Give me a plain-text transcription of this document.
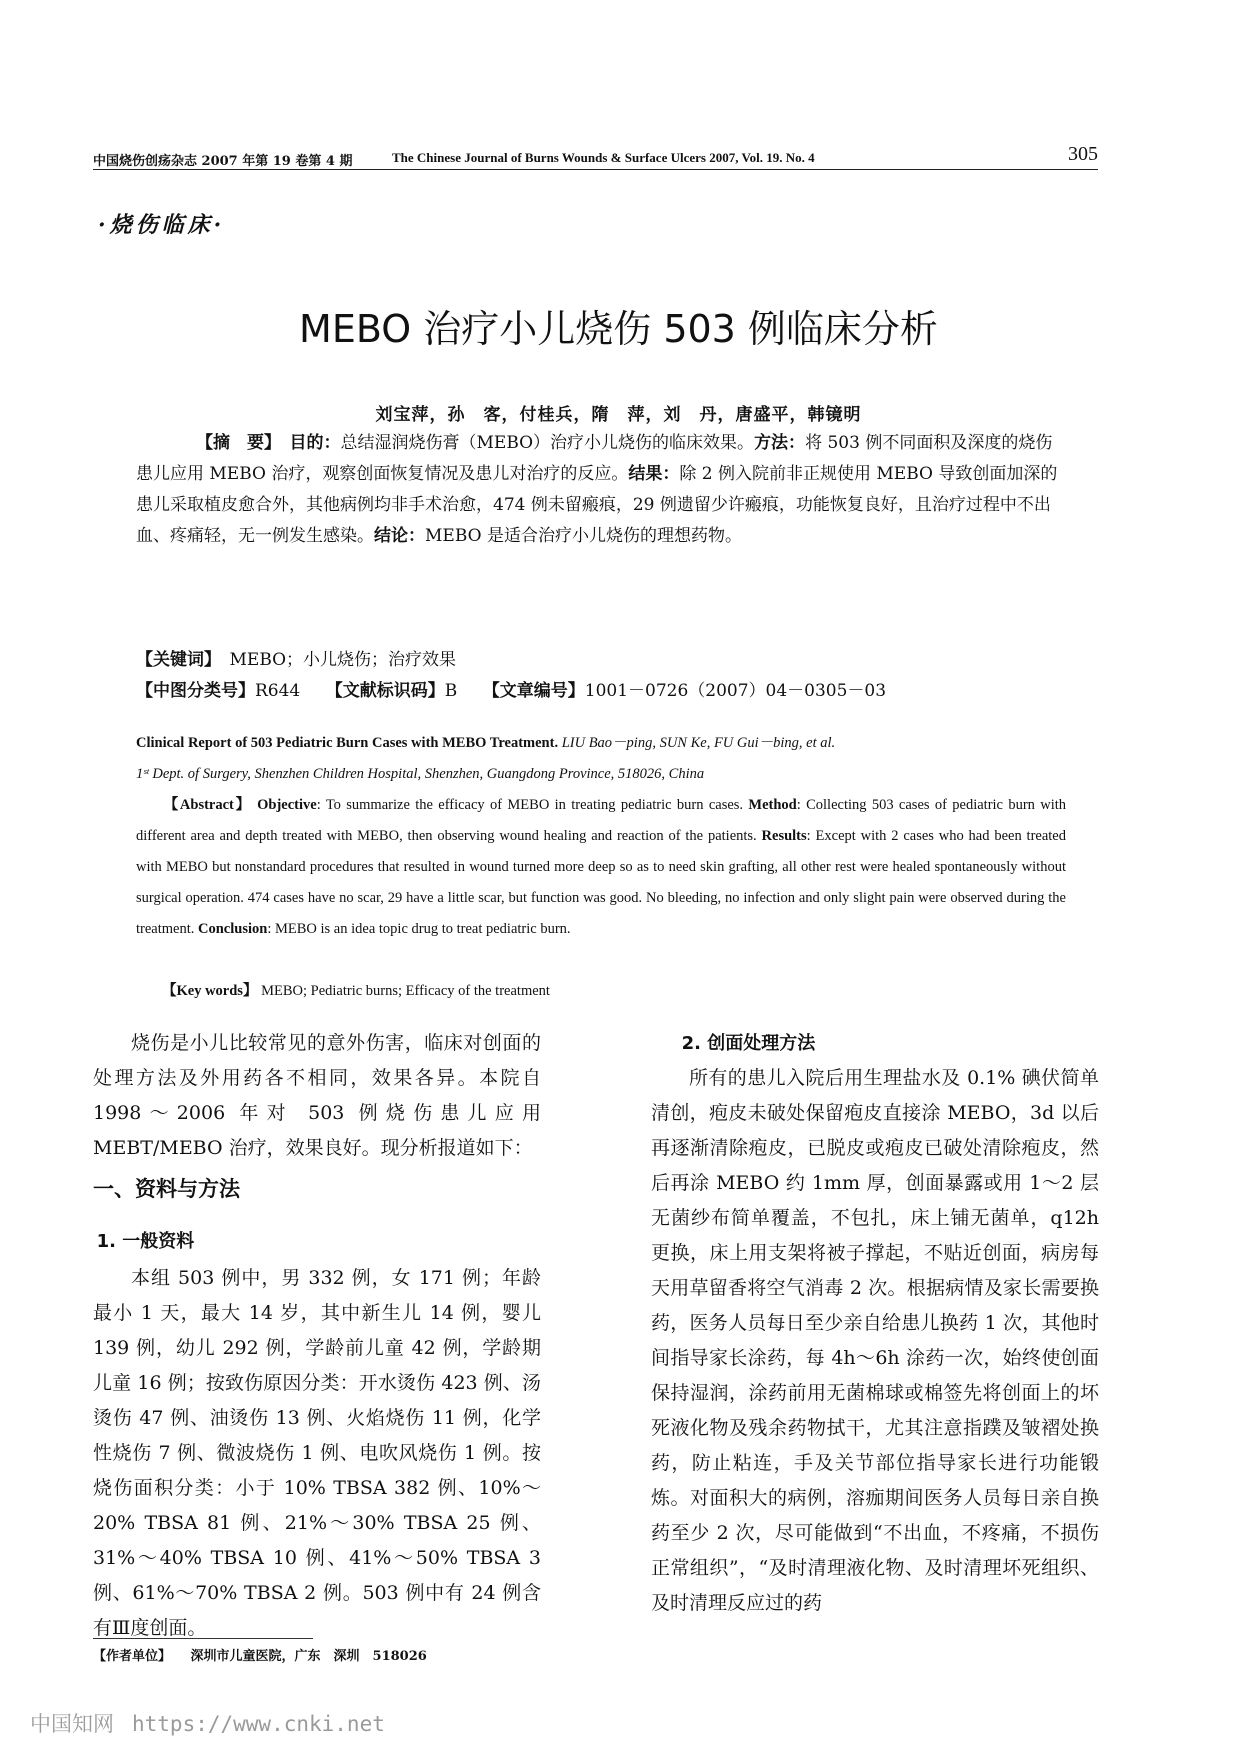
中国烧伤创疡杂志 2007 年第 19 卷第 4 期	The Chinese Journal of Burns Wounds & Surface Ulcers 2007, Vol. 19. No. 4	305
·烧伤临床·
MEBO 治疗小儿烧伤 503 例临床分析
刘宝萍，孙　客，付桂兵，隋　萍，刘　丹，唐盛平，韩镜明
【摘　要】　 目的：总结湿润烧伤膏（MEBO）治疗小儿烧伤的临床效果。方法：将 503 例不同面积及深度的烧伤患儿应用 MEBO 治疗，观察创面恢复情况及患儿对治疗的反应。结果：除 2 例入院前非正规使用 MEBO 导致创面加深的患儿采取植皮愈合外，其他病例均非手术治愈，474 例未留瘢痕，29 例遗留少许瘢痕，功能恢复良好，且治疗过程中不出血、疼痛轻，无一例发生感染。结论：MEBO 是适合治疗小儿烧伤的理想药物。
【关键词】　 MEBO；小儿烧伤；治疗效果
【中图分类号】R644　　 【文献标识码】B　　 【文章编号】1001－0726（2007）04－0305－03
Clinical Report of 503 Pediatric Burn Cases with MEBO Treatment. LIU Bao－ping, SUN Ke, FU Gui－bing, et al.
1ˢᵗ Dept. of Surgery, Shenzhen Children Hospital, Shenzhen, Guangdong Province, 518026, China
【Abstract】 Objective: To summarize the efficacy of MEBO in treating pediatric burn cases. Method: Collecting 503 cases of pediatric burn with different area and depth treated with MEBO, then observing wound healing and reaction of the patients. Results: Except with 2 cases who had been treated with MEBO but nonstandard procedures that resulted in wound turned more deep so as to need skin grafting, all other rest were healed spontaneously without surgical operation. 474 cases have no scar, 29 have a little scar, but function was good. No bleeding, no infection and only slight pain were observed during the treatment. Conclusion: MEBO is an idea topic drug to treat pediatric burn.
【Key words】 MEBO; Pediatric burns; Efficacy of the treatment

烧伤是小儿比较常见的意外伤害，临床对创面的处理方法及外用药各不相同，效果各异。本院自 1998～2006 年对 503 例烧伤患儿应用 MEBT/MEBO 治疗，效果良好。现分析报道如下：

一、资料与方法
1. 一般资料

本组 503 例中，男 332 例，女 171 例；年龄最小 1 天，最大 14 岁，其中新生儿 14 例，婴儿 139 例，幼儿 292 例，学龄前儿童 42 例，学龄期儿童 16 例；按致伤原因分类：开水烫伤 423 例、汤烫伤 47 例、油烫伤 13 例、火焰烧伤 11 例，化学性烧伤 7 例、微波烧伤 1 例、电吹风烧伤 1 例。按烧伤面积分类：小于 10% TBSA 382 例、10%～20% TBSA 81 例、21%～30% TBSA 25 例、31%～40% TBSA 10 例、41%～50% TBSA 3 例、61%～70% TBSA 2 例。503 例中有 24 例含有Ⅲ度创面。

2. 创面处理方法

所有的患儿入院后用生理盐水及 0.1% 碘伏简单清创，疱皮未破处保留疱皮直接涂 MEBO，3d 以后再逐渐清除疱皮，已脱皮或疱皮已破处清除疱皮，然后再涂 MEBO 约 1mm 厚，创面暴露或用 1～2 层无菌纱布简单覆盖，不包扎，床上铺无菌单，q12h 更换，床上用支架将被子撑起，不贴近创面，病房每天用草留香将空气消毒 2 次。根据病情及家长需要换药，医务人员每日至少亲自给患儿换药 1 次，其他时间指导家长涂药，每 4h～6h 涂药一次，始终使创面保持湿润，涂药前用无菌棉球或棉签先将创面上的坏死液化物及残余药物拭干，尤其注意指蹼及皱褶处换药，防止粘连，手及关节部位指导家长进行功能锻炼。对面积大的病例，溶痂期间医务人员每日亲自换药至少 2 次，尽可能做到“不出血，不疼痛，不损伤正常组织”，“及时清理液化物、及时清理坏死组织、及时清理反应过的药

【作者单位】　　 深圳市儿童医院，广东　深圳　518026
中国知网 https://www.cnki.net
